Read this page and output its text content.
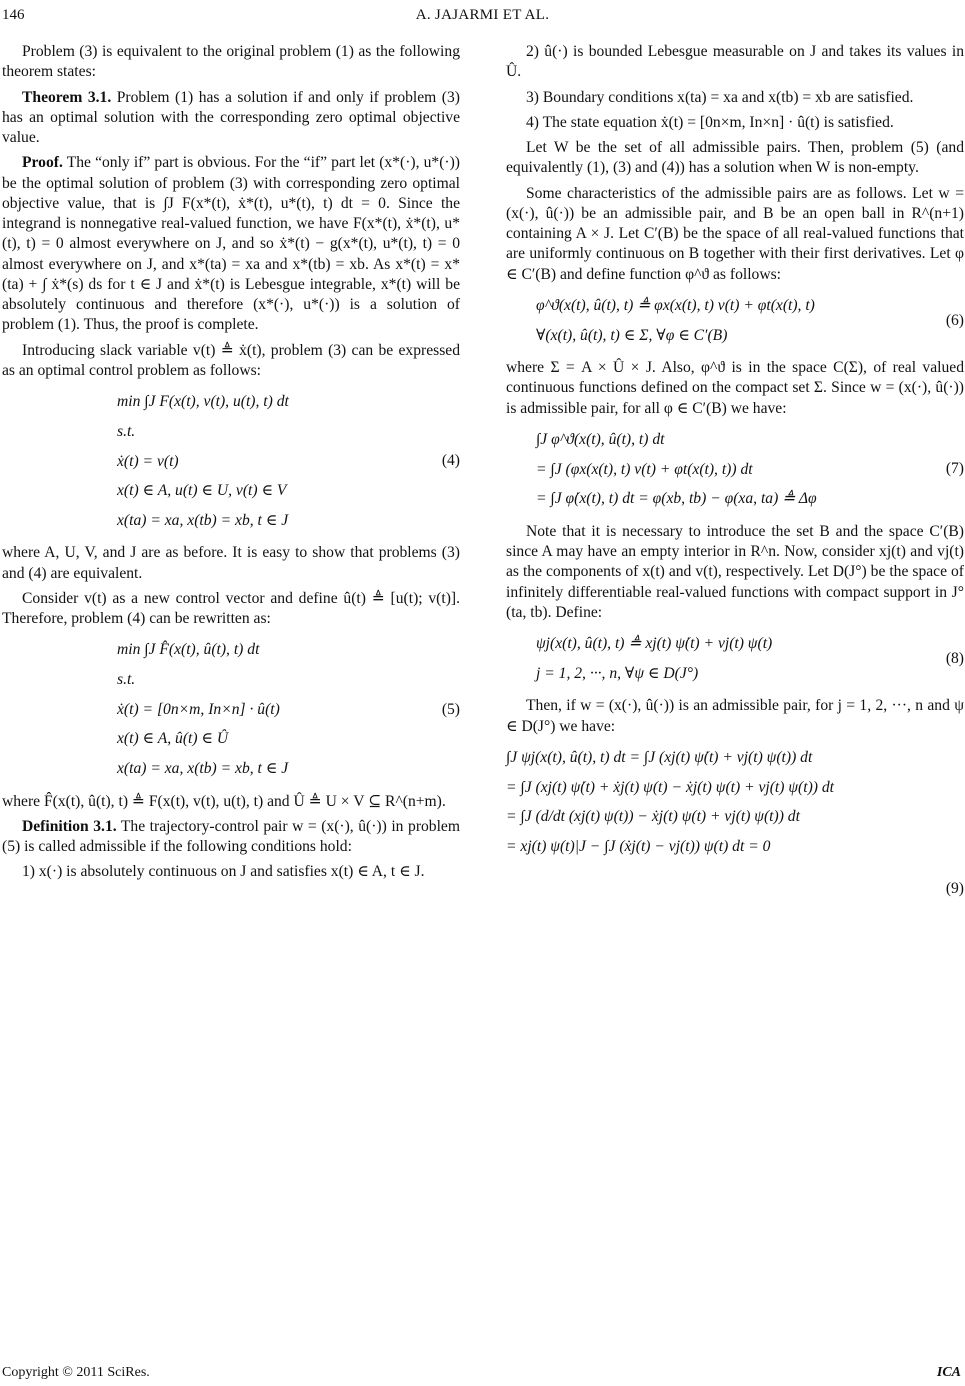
146	A. JAJARMI ET AL.

Problem (3) is equivalent to the original problem (1) as the following theorem states:

Theorem 3.1. Problem (1) has a solution if and only if problem (3) has an optimal solution with the corresponding zero optimal objective value.

Proof. The “only if” part is obvious. For the “if” part let (x*(·), u*(·)) be the optimal solution of problem (3) with corresponding zero optimal objective value, that is ∫J F(x*(t), ẋ*(t), u*(t), t) dt = 0. Since the integrand is nonnegative real-valued function, we have F(x*(t), ẋ*(t), u*(t), t) = 0 almost everywhere on J, and so ẋ*(t) − g(x*(t), u*(t), t) = 0 almost everywhere on J, and x*(ta) = xa and x*(tb) = xb. As x*(t) = x*(ta) + ∫ ẋ*(s) ds for t ∈ J and ẋ*(t) is Lebesgue integrable, x*(t) will be absolutely continuous and therefore (x*(·), u*(·)) is a solution of problem (1). Thus, the proof is complete.

Introducing slack variable v(t) ≜ ẋ(t), problem (3) can be expressed as an optimal control problem as follows:

min ∫J F(x(t), v(t), u(t), t) dt
s.t.
ẋ(t) = v(t)
x(t) ∈ A, u(t) ∈ U, v(t) ∈ V
x(ta) = xa, x(tb) = xb, t ∈ J
(4)

where A, U, V, and J are as before. It is easy to show that problems (3) and (4) are equivalent.

Consider v(t) as a new control vector and define û(t) ≜ [u(t); v(t)]. Therefore, problem (4) can be rewritten as:

min ∫J F̂(x(t), û(t), t) dt
s.t.
ẋ(t) = [0n×m, In×n] · û(t)
x(t) ∈ A, û(t) ∈ Û
x(ta) = xa, x(tb) = xb, t ∈ J
(5)

where F̂(x(t), û(t), t) ≜ F(x(t), v(t), u(t), t) and Û ≜ U × V ⊆ R^(n+m).

Definition 3.1. The trajectory-control pair w = (x(·), û(·)) in problem (5) is called admissible if the following conditions hold:

1) x(·) is absolutely continuous on J and satisfies x(t) ∈ A, t ∈ J.

2) û(·) is bounded Lebesgue measurable on J and takes its values in Û.

3) Boundary conditions x(ta) = xa and x(tb) = xb are satisfied.

4) The state equation ẋ(t) = [0n×m, In×n] · û(t) is satisfied.

Let W be the set of all admissible pairs. Then, problem (5) (and equivalently (1), (3) and (4)) has a solution when W is non-empty.

Some characteristics of the admissible pairs are as follows. Let w = (x(·), û(·)) be an admissible pair, and B be an open ball in R^(n+1) containing A × J. Let C′(B) be the space of all real-valued functions that are uniformly continuous on B together with their first derivatives. Let φ ∈ C′(B) and define function φ^ϑ as follows:

φ^ϑ(x(t), û(t), t) ≜ φx(x(t), t) v(t) + φt(x(t), t)
∀(x(t), û(t), t) ∈ Σ, ∀φ ∈ C′(B)
(6)

where Σ = A × Û × J. Also, φ^ϑ is in the space C(Σ), of real valued continuous functions defined on the compact set Σ. Since w = (x(·), û(·)) is admissible pair, for all φ ∈ C′(B) we have:

∫J φ^ϑ(x(t), û(t), t) dt
= ∫J (φx(x(t), t) v(t) + φt(x(t), t)) dt
= ∫J φ̇(x(t), t) dt = φ(xb, tb) − φ(xa, ta) ≜ Δφ
(7)

Note that it is necessary to introduce the set B and the space C′(B) since A may have an empty interior in R^n. Now, consider xj(t) and vj(t) as the components of x(t) and v(t), respectively. Let D(J°) be the space of infinitely differentiable real-valued functions with compact support in J° (ta, tb). Define:

ψj(x(t), û(t), t) ≜ xj(t) ψ̇(t) + vj(t) ψ(t)
j = 1, 2, ···, n, ∀ψ ∈ D(J°)
(8)

Then, if w = (x(·), û(·)) is an admissible pair, for j = 1, 2, ···, n and ψ ∈ D(J°) we have:

∫J ψj(x(t), û(t), t) dt = ∫J (xj(t) ψ̇(t) + vj(t) ψ(t)) dt
= ∫J (xj(t) ψ̇(t) + ẋj(t) ψ(t) − ẋj(t) ψ(t) + vj(t) ψ(t)) dt
= ∫J (d/dt (xj(t) ψ(t)) − ẋj(t) ψ(t) + vj(t) ψ(t)) dt
= xj(t) ψ(t)|J − ∫J (ẋj(t) − vj(t)) ψ(t) dt = 0
(9)
Copyright © 2011 SciRes.	ICA
